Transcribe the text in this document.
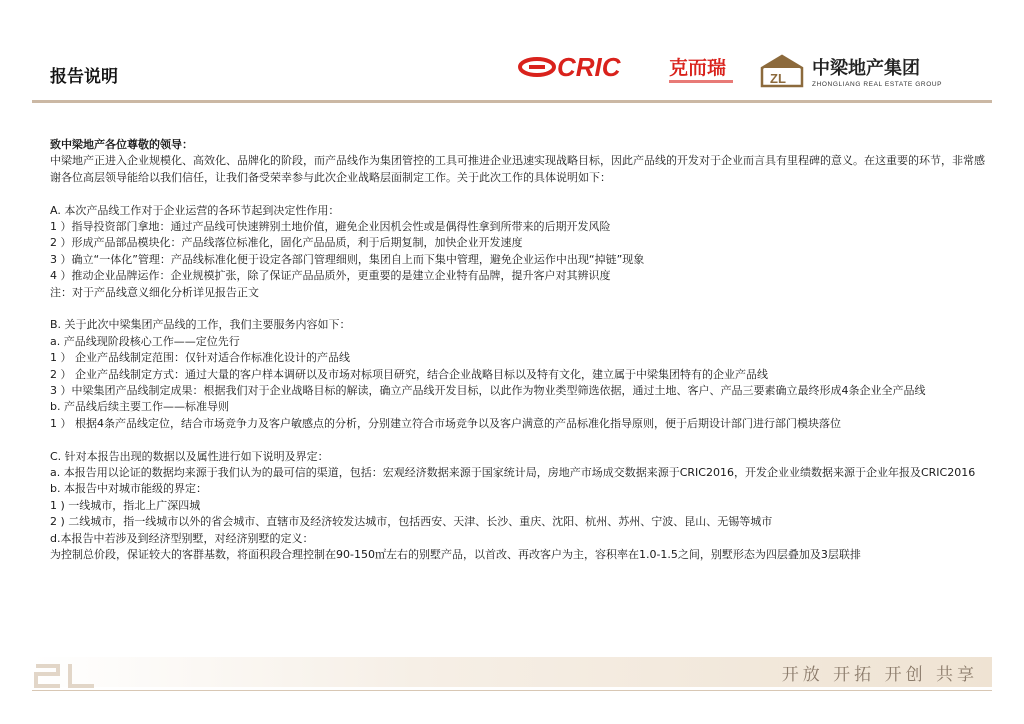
报告说明	CRIC	克而瑞	ZL 中梁地产集团
ZHONGLIANG REAL ESTATE GROUP
致中梁地产各位尊敬的领导：
中梁地产正进入企业规模化、高效化、品牌化的阶段，而产品线作为集团管控的工具可推进企业迅速实现战略目标，因此产品线的开发对于企业而言具有里程碑的意义。在这重要的环节，非常感谢各位高层领导能给以我们信任，让我们备受荣幸参与此次企业战略层面制定工作。关于此次工作的具体说明如下：
A. 本次产品线工作对于企业运营的各环节起到决定性作用：
1 ）指导投资部门拿地：通过产品线可快速辨别土地价值，避免企业因机会性或是偶得性拿到所带来的后期开发风险
2 ）形成产品部品模块化：产品线落位标准化，固化产品品质，利于后期复制，加快企业开发速度
3 ）确立“一体化”管理：产品线标准化便于设定各部门管理细则，集团自上而下集中管理，避免企业运作中出现“掉链”现象
4 ）推动企业品牌运作：企业规模扩张，除了保证产品品质外，更重要的是建立企业特有品牌，提升客户对其辨识度
注：对于产品线意义细化分析详见报告正文
B. 关于此次中梁集团产品线的工作，我们主要服务内容如下：
a. 产品线现阶段核心工作——定位先行
1 ） 企业产品线制定范围：仅针对适合作标准化设计的产品线
2 ） 企业产品线制定方式：通过大量的客户样本调研以及市场对标项目研究，结合企业战略目标以及特有文化，建立属于中梁集团特有的企业产品线
3 ）中梁集团产品线制定成果：根据我们对于企业战略目标的解读，确立产品线开发目标，以此作为物业类型筛选依据，通过土地、客户、产品三要素确立最终形成4条企业全产品线
b. 产品线后续主要工作——标准导则
1 ） 根据4条产品线定位，结合市场竞争力及客户敏感点的分析，分别建立符合市场竞争以及客户满意的产品标准化指导原则，便于后期设计部门进行部门模块落位
C. 针对本报告出现的数据以及属性进行如下说明及界定：
a. 本报告用以论证的数据均来源于我们认为的最可信的渠道，包括：宏观经济数据来源于国家统计局，房地产市场成交数据来源于CRIC2016，开发企业业绩数据来源于企业年报及CRIC2016
b. 本报告中对城市能级的界定：
1 ) 一线城市，指北上广深四城
2 ) 二线城市，指一线城市以外的省会城市、直辖市及经济较发达城市，包括西安、天津、长沙、重庆、沈阳、杭州、苏州、宁波、昆山、无锡等城市
d.本报告中若涉及到经济型别墅，对经济别墅的定义：
为控制总价段，保证较大的客群基数，将面积段合理控制在90-150㎡左右的别墅产品，以首改、再改客户为主，容积率在1.0-1.5之间，别墅形态为四层叠加及3层联排
开放 开拓 开创 共享
